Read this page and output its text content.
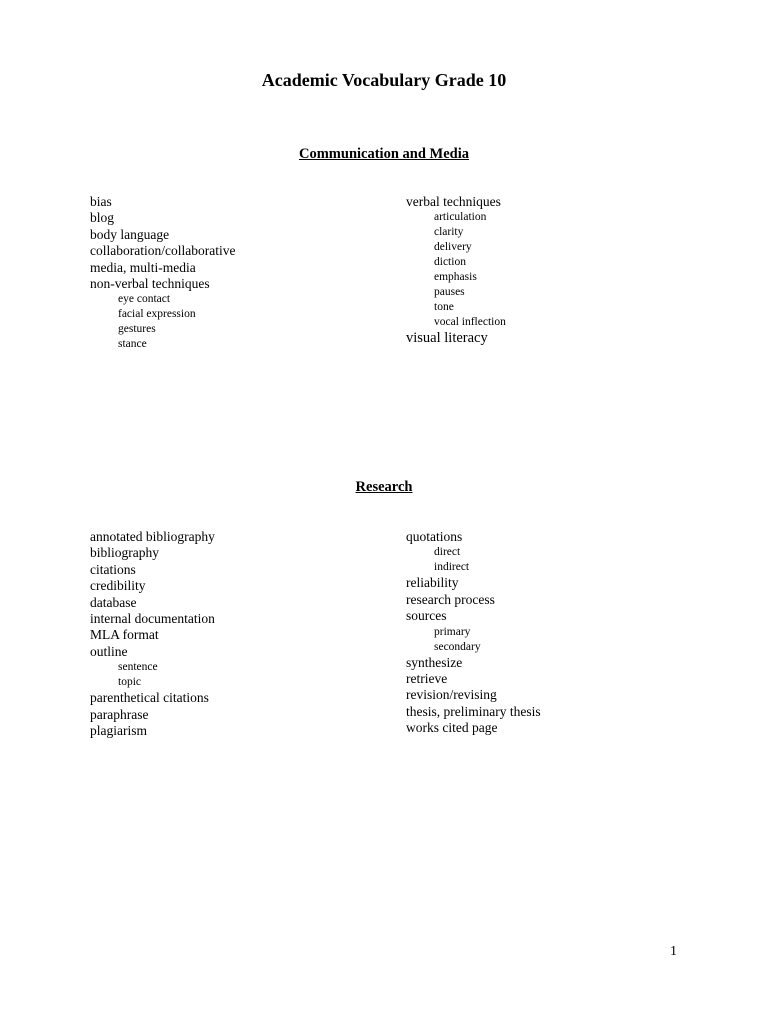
Academic Vocabulary Grade 10
Communication and Media
bias
blog
body language
collaboration/collaborative
media, multi-media
non-verbal techniques
eye contact
facial expression
gestures
stance
verbal techniques
articulation
clarity
delivery
diction
emphasis
pauses
tone
vocal inflection
visual literacy
Research
annotated bibliography
bibliography
citations
credibility
database
internal documentation
MLA format
outline
sentence
topic
parenthetical citations
paraphrase
plagiarism
quotations
direct
indirect
reliability
research process
sources
primary
secondary
synthesize
retrieve
revision/revising
thesis, preliminary thesis
works cited page
1
